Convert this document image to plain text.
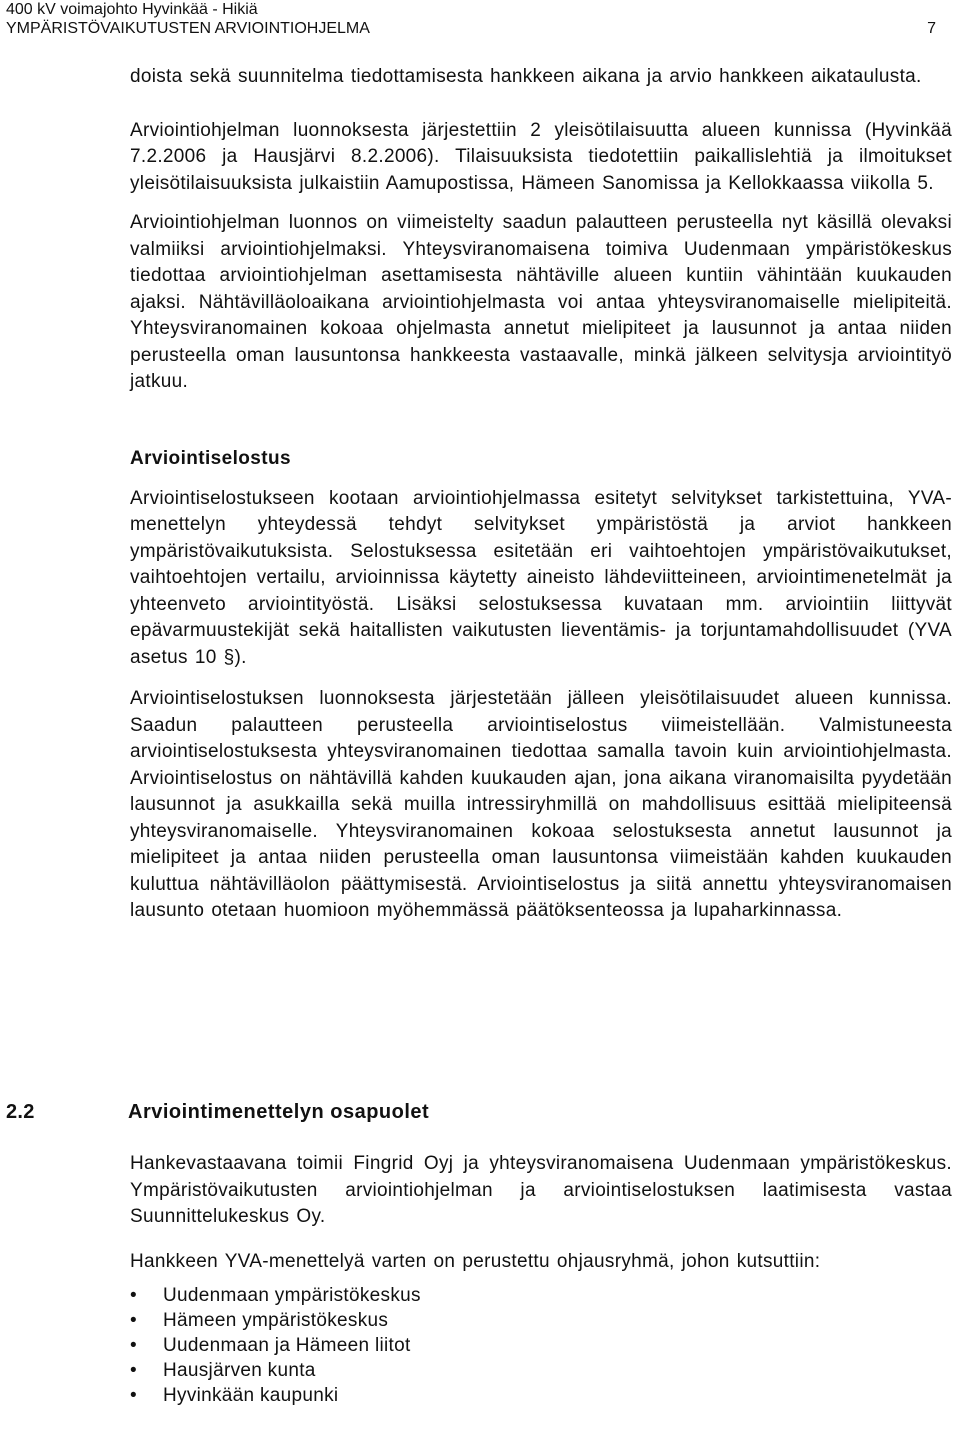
400 kV voimajohto Hyvinkää - Hikiä
YMPÄRISTÖVAIKUTUSTEN ARVIOINTIOHJELMA	7

doista sekä suunnitelma tiedottamisesta hankkeen aikana ja arvio hankkeen aikataulusta.

Arviointiohjelman luonnoksesta järjestettiin 2 yleisötilaisuutta alueen kunnissa (Hyvinkää 7.2.2006 ja Hausjärvi 8.2.2006). Tilaisuuksista tiedotettiin paikallislehtiä ja ilmoitukset yleisötilaisuuksista julkaistiin Aamupostissa, Hämeen Sanomissa ja Kellokkaassa viikolla 5.

Arviointiohjelman luonnos on viimeistelty saadun palautteen perusteella nyt käsillä olevaksi valmiiksi arviointiohjelmaksi. Yhteysviranomaisena toimiva Uudenmaan ympäristökeskus tiedottaa arviointiohjelman asettamisesta nähtäville alueen kuntiin vähintään kuukauden ajaksi. Nähtävilläoloaikana arviointiohjelmasta voi antaa yhteysviranomaiselle mielipiteitä. Yhteysviranomainen kokoaa ohjelmasta annetut mielipiteet ja lausunnot ja antaa niiden perusteella oman lausuntonsa hankkeesta vastaavalle, minkä jälkeen selvitysja arviointityö jatkuu.

Arviointiselostus

Arviointiselostukseen kootaan arviointiohjelmassa esitetyt selvitykset tarkistettuina, YVA-menettelyn yhteydessä tehdyt selvitykset ympäristöstä ja arviot hankkeen ympäristövaikutuksista. Selostuksessa esitetään eri vaihtoehtojen ympäristövaikutukset, vaihtoehtojen vertailu, arvioinnissa käytetty aineisto lähdeviitteineen, arviointimenetelmät ja yhteenveto arviointityöstä. Lisäksi selostuksessa kuvataan mm. arviointiin liittyvät epävarmuustekijät sekä haitallisten vaikutusten lieventämis- ja torjuntamahdollisuudet (YVA asetus 10 §).

Arviointiselostuksen luonnoksesta järjestetään jälleen yleisötilaisuudet alueen kunnissa. Saadun palautteen perusteella arviointiselostus viimeistellään. Valmistuneesta arviointiselostuksesta yhteysviranomainen tiedottaa samalla tavoin kuin arviointiohjelmasta. Arviointiselostus on nähtävillä kahden kuukauden ajan, jona aikana viranomaisilta pyydetään lausunnot ja asukkailla sekä muilla intressiryhmillä on mahdollisuus esittää mielipiteensä yhteysviranomaiselle. Yhteysviranomainen kokoaa selostuksesta annetut lausunnot ja mielipiteet ja antaa niiden perusteella oman lausuntonsa viimeistään kahden kuukauden kuluttua nähtävilläolon päättymisestä. Arviointiselostus ja siitä annettu yhteysviranomaisen lausunto otetaan huomioon myöhemmässä päätöksenteossa ja lupaharkinnassa.

2.2	Arviointimenettelyn osapuolet

Hankevastaavana toimii Fingrid Oyj ja yhteysviranomaisena Uudenmaan ympäristökeskus. Ympäristövaikutusten arviointiohjelman ja arviointiselostuksen laatimisesta vastaa Suunnittelukeskus Oy.

Hankkeen YVA-menettelyä varten on perustettu ohjausryhmä, johon kutsuttiin:

• Uudenmaan ympäristökeskus
• Hämeen ympäristökeskus
• Uudenmaan ja Hämeen liitot
• Hausjärven kunta
• Hyvinkään kaupunki
